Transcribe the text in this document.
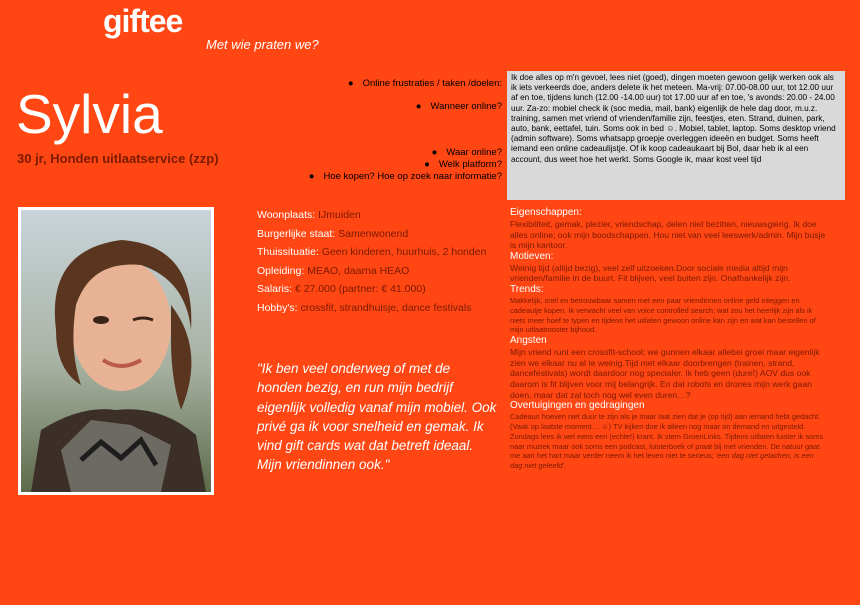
giftee
Met wie praten we?
Sylvia
30 jr, Honden uitlaatservice (zzp)
● Online frustraties / taken /doelen:
● Wanneer online?
● Waar online?
● Welk platform?
● Hoe kopen? Hoe op zoek naar informatie?
Ik doe alles op m'n gevoel, lees niet (goed), dingen moeten gewoon gelijk werken ook als ik iets verkeerds doe, anders delete ik het meteen. Ma-vrij: 07.00-08.00 uur, tot 12.00 uur af en toe, tijdens lunch (12.00 -14.00 uur) tot 17.00 uur af en toe, 's avonds: 20.00 - 24.00 uur. Za-zo: mobiel check ik (soc media, mail, bank) eigenlijk de hele dag door, m.u.z. training, samen met vriend of vrienden/familie zijn, feestjes, eten. Strand, duinen, park, auto, bank, eettafel, tuin. Soms ook in bed ☺. Mobiel, tablet, laptop. Soms desktop vriend (admin software). Soms whatsapp groepje overleggen ideeën en budget. Soms heeft iemand een online cadeaulijstje. Of ik koop cadeaukaart bij Bol, daar heb ik al een account, dus weet hoe het werkt. Soms Google ik, maar kost veel tijd
Woonplaats: IJmuiden
Burgerlijke staat: Samenwonend
Thuissituatie: Geen kinderen, huurhuis, 2 honden
Opleiding: MEAO, daarna HEAO
Salaris: € 27.000 (partner: € 41.000)
Hobby's: crossfit, strandhuisje, dance festivals
"Ik ben veel onderweg of met de honden bezig, en run mijn bedrijf eigenlijk volledig vanaf mijn mobiel. Ook privé ga ik voor snelheid en gemak. Ik vind gift cards wat dat betreft ideaal. Mijn vriendinnen ook."
Eigenschappen:
Flexibiliteit, gemak, plezier, vriendschap, delen niet bezitten, nieuwsgierig. Ik doe alles online; ook mijn boodschappen. Hou niet van veel leeswerk/admin. Mijn busje is mijn kantoor.
Motieven:
Weinig tijd (altijd bezig), veel zelf uitzoeken.Door sociale media altijd mijn vrienden/familie in de buurt. Fit blijven, veel buiten zijn. Onafhankelijk zijn.
Trends:
Makkelijk, snel en betrouwbaar samen met een paar vriendinnen online geld inleggen en cadeautje kopen. Ik verwacht veel van voice controlled search; wat zou het heerlijk zijn als ik niets meer hoef te typen en tijdens het uitlaten gewoon online kan zijn en wat kan bestellen of mijn uitlaatrooster bijhoud.
Angsten
Mijn vriend runt een crossfit-school; we gunnen elkaar allebei groei maar eigenlijk zien we elkaar nu al te weinig.Tijd met elkaar doorbrengen (trainen, strand, dancefestivals) wordt daardoor nog specialer. Ik heb geen (dure!) AOV dus ook daarom is fit blijven voor mij belangrijk. En dat robots en drones mijn werk gaan doen, maar dat zal toch nog wel even duren…?
Overtuigingen en gedragingen
Cadeaus hoeven niet duur te zijn als je maar laat zien dat je (op tijd) aan iemand hebt gedacht. (Vaak op laatste moment… ☺) TV kijken doe ik alleen nog maar on demand en uitgesteld. Zondags lees ik wel eens een (echte!) krant. Ik stem GroenLinks. Tijdens uitlaten luister ik soms naar muziek maar ook soms een podcast, luisterboek of praat bij met vrienden. De natuur gaat me aan het hart maar verder neem ik het leven niet te serieus; 'een dag niet gelachen, is een dag niet geleefd'.
